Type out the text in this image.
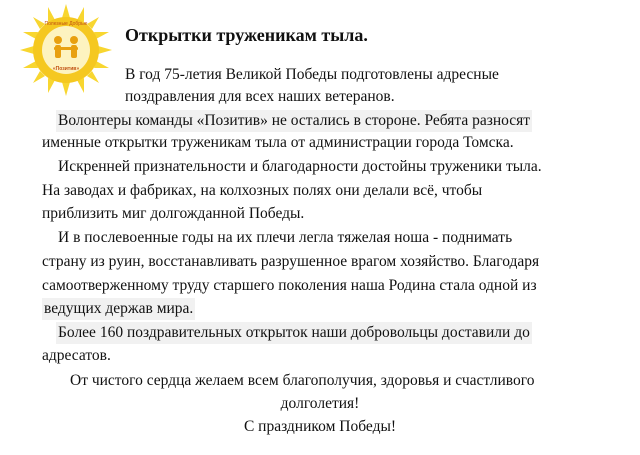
Полезные Добрые
«Позитив»
Открытки труженикам тыла.

В год 75-летия Великой Победы подготовлены адресные

поздравления для всех наших ветеранов.

Волонтеры команды «Позитив» не остались в стороне. Ребята разносят

именные открытки труженикам тыла от администрации города Томска.

Искренней признательности и благодарности достойны труженики тыла.

На заводах и фабриках, на колхозных полях они делали всё, чтобы

приблизить миг долгожданной Победы.

И в послевоенные годы на их плечи легла тяжелая ноша - поднимать

страну из руин, восстанавливать разрушенное врагом хозяйство. Благодаря

самоотверженному труду старшего поколения наша Родина стала одной из

ведущих держав мира.

Более 160 поздравительных открыток наши добровольцы доставили до

адресатов.

От чистого сердца желаем всем благополучия, здоровья и счастливого

долголетия!

С праздником Победы!
